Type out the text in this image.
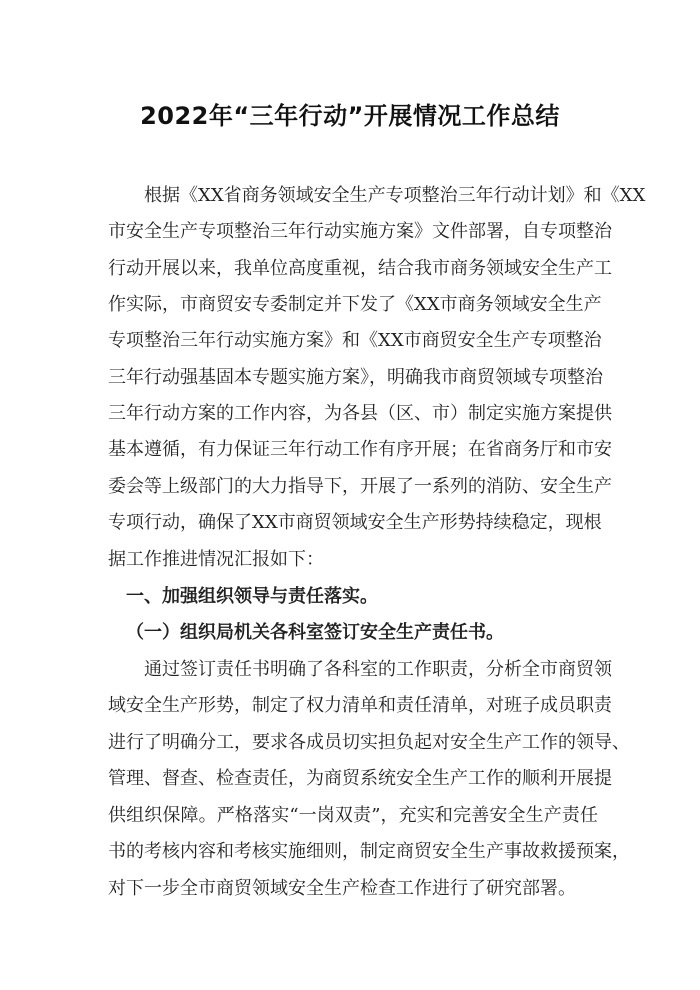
2022年“三年行动”开展情况工作总结
根据《XX省商务领域安全生产专项整治三年行动计划》和《XX
市安全生产专项整治三年行动实施方案》文件部署，自专项整治
行动开展以来，我单位高度重视，结合我市商务领域安全生产工
作实际，市商贸安专委制定并下发了《XX市商务领域安全生产
专项整治三年行动实施方案》和《XX市商贸安全生产专项整治
三年行动强基固本专题实施方案》，明确我市商贸领域专项整治
三年行动方案的工作内容，为各县（区、市）制定实施方案提供
基本遵循，有力保证三年行动工作有序开展；在省商务厅和市安
委会等上级部门的大力指导下，开展了一系列的消防、安全生产
专项行动，确保了XX市商贸领域安全生产形势持续稳定，现根
据工作推进情况汇报如下：
一、加强组织领导与责任落实。
（一）组织局机关各科室签订安全生产责任书。
通过签订责任书明确了各科室的工作职责，分析全市商贸领
域安全生产形势，制定了权力清单和责任清单，对班子成员职责
进行了明确分工，要求各成员切实担负起对安全生产工作的领导、
管理、督查、检查责任，为商贸系统安全生产工作的顺利开展提
供组织保障。严格落实“一岗双责”，充实和完善安全生产责任
书的考核内容和考核实施细则，制定商贸安全生产事故救援预案，
对下一步全市商贸领域安全生产检查工作进行了研究部署。
